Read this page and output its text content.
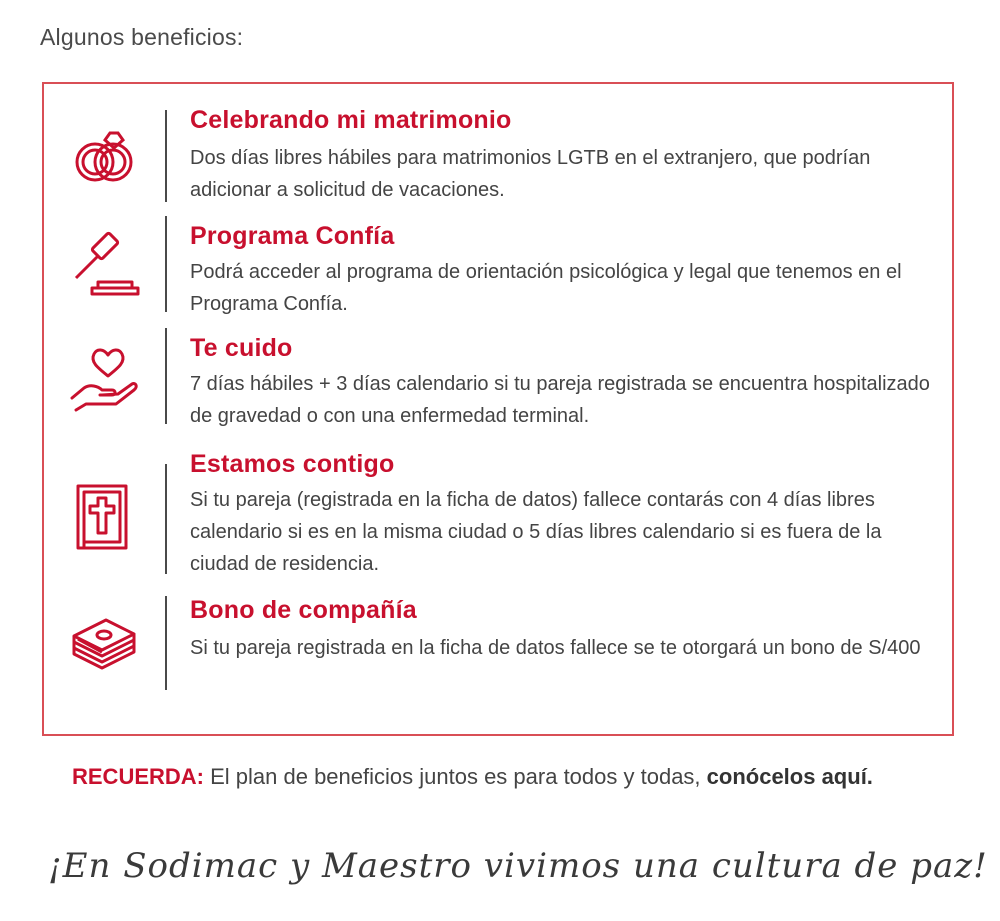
Algunos beneficios:
Celebrando mi matrimonio
Dos días libres hábiles para matrimonios LGTB en el extranjero, que podrían adicionar a solicitud de vacaciones.
Programa Confía
Podrá acceder al programa de orientación psicológica y legal que tenemos en el Programa Confía.
Te cuido
7 días hábiles + 3 días calendario si tu pareja registrada se encuentra hospitalizado de gravedad o con una enfermedad terminal.
Estamos contigo
Si tu pareja (registrada en la ficha de datos) fallece contarás con 4 días libres calendario si es en la misma ciudad o 5 días libres calendario si es fuera de la ciudad de residencia.
Bono de compañía
Si tu pareja registrada en la ficha de datos fallece se te otorgará un bono de S/400
RECUERDA: El plan de beneficios juntos es para todos y todas, conócelos aquí.
¡En Sodimac y Maestro vivimos una cultura de paz!
